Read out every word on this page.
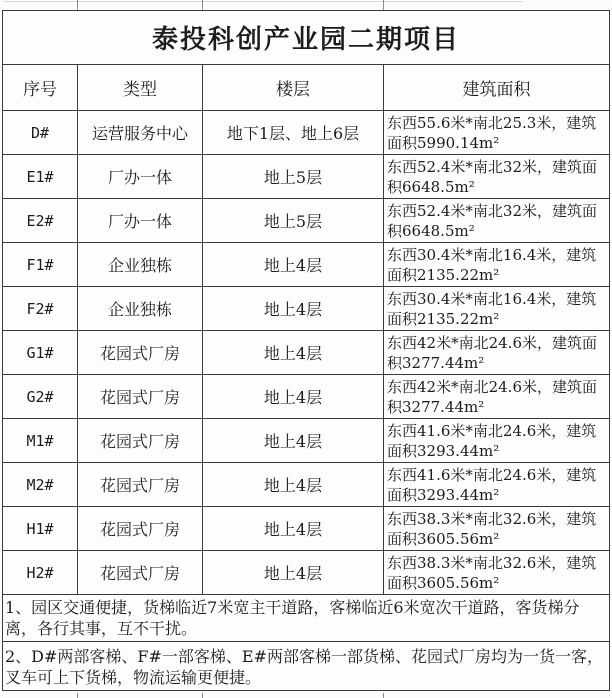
泰投科创产业园二期项目			
序号	类型	楼层	建筑面积
D#	运营服务中心	地下1层、地上6层	东西55.6米*南北25.3米，建筑面积5990.14m²
E1#	厂办一体	地上5层	东西52.4米*南北32米，建筑面积6648.5m²
E2#	厂办一体	地上5层	东西52.4米*南北32米，建筑面积6648.5m²
F1#	企业独栋	地上4层	东西30.4米*南北16.4米，建筑面积2135.22m²
F2#	企业独栋	地上4层	东西30.4米*南北16.4米，建筑面积2135.22m²
G1#	花园式厂房	地上4层	东西42米*南北24.6米，建筑面积3277.44m²
G2#	花园式厂房	地上4层	东西42米*南北24.6米，建筑面积3277.44m²
M1#	花园式厂房	地上4层	东西41.6米*南北24.6米，建筑面积3293.44m²
M2#	花园式厂房	地上4层	东西41.6米*南北24.6米，建筑面积3293.44m²
H1#	花园式厂房	地上4层	东西38.3米*南北32.6米，建筑面积3605.56m²
H2#	花园式厂房	地上4层	东西38.3米*南北32.6米，建筑面积3605.56m²
1、园区交通便捷，货梯临近7米宽主干道路，客梯临近6米宽次干道路，客货梯分离，各行其事，互不干扰。			
2、D#两部客梯、F#一部客梯、E#两部客梯一部货梯、花园式厂房均为一货一客，叉车可上下货梯，物流运输更便捷。			
